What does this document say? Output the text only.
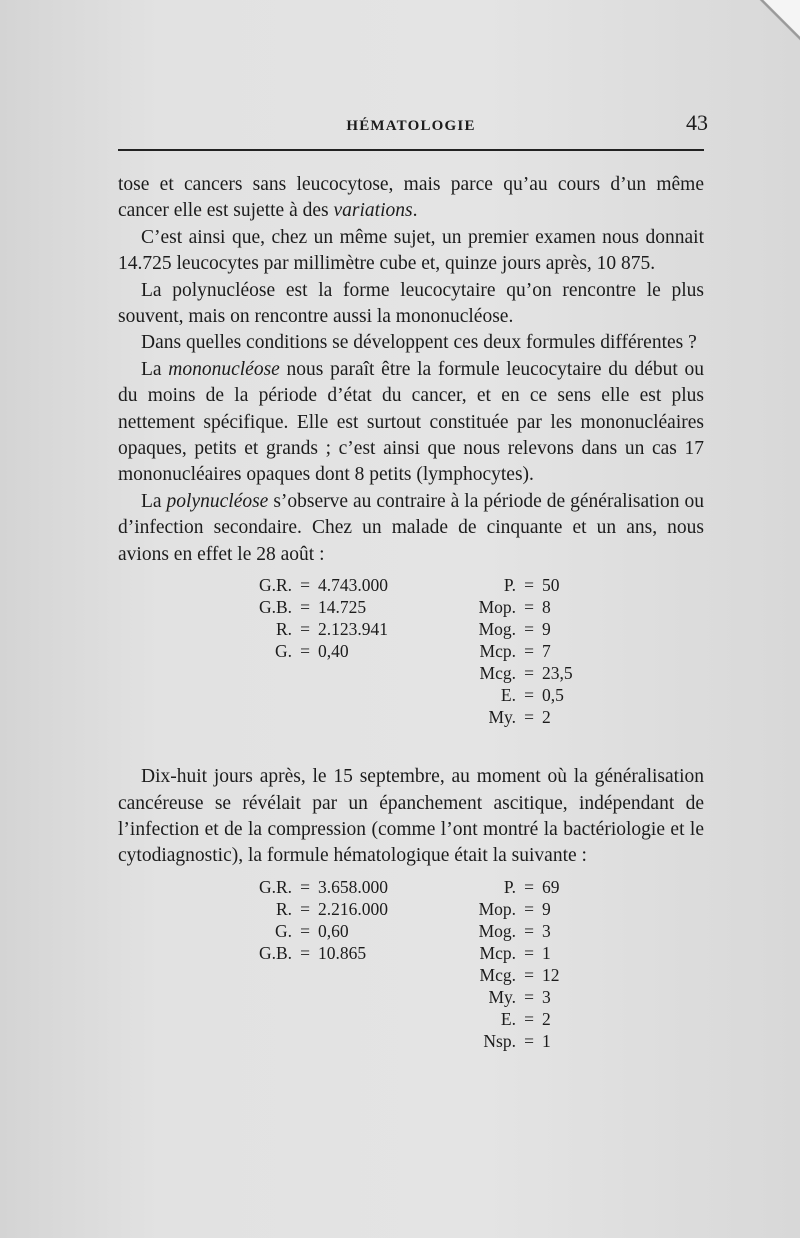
HÉMATOLOGIE	43

tose et cancers sans leucocytose, mais parce qu’au cours d’un même cancer elle est sujette à des variations.

C’est ainsi que, chez un même sujet, un premier examen nous donnait 14.725 leucocytes par millimètre cube et, quinze jours après, 10 875.

La polynucléose est la forme leucocytaire qu’on rencontre le plus souvent, mais on rencontre aussi la mononucléose.

Dans quelles conditions se développent ces deux formules différentes ?

La mononucléose nous paraît être la formule leucocytaire du début ou du moins de la période d’état du cancer, et en ce sens elle est plus nettement spécifique. Elle est surtout constituée par les mononucléaires opaques, petits et grands ; c’est ainsi que nous relevons dans un cas 17 mononucléaires opaques dont 8 petits (lymphocytes).

La polynucléose s’observe au contraire à la période de généralisation ou d’infection secondaire. Chez un malade de cinquante et un ans, nous avions en effet le 28 août :

G.R. = 4.743.000
G.B. = 14.725
R. = 2.123.941
G. = 0,40
P. = 50
Mop. = 8
Mog. = 9
Mcp. = 7
Mcg. = 23,5
E. = 0,5
My. = 2

Dix-huit jours après, le 15 septembre, au moment où la généralisation cancéreuse se révélait par un épanchement ascitique, indépendant de l’infection et de la compression (comme l’ont montré la bactériologie et le cytodiagnostic), la formule hématologique était la suivante :

G.R. = 3.658.000
R. = 2.216.000
G. = 0,60
G.B. = 10.865
P. = 69
Mop. = 9
Mog. = 3
Mcp. = 1
Mcg. = 12
My. = 3
E. = 2
Nsp. = 1
